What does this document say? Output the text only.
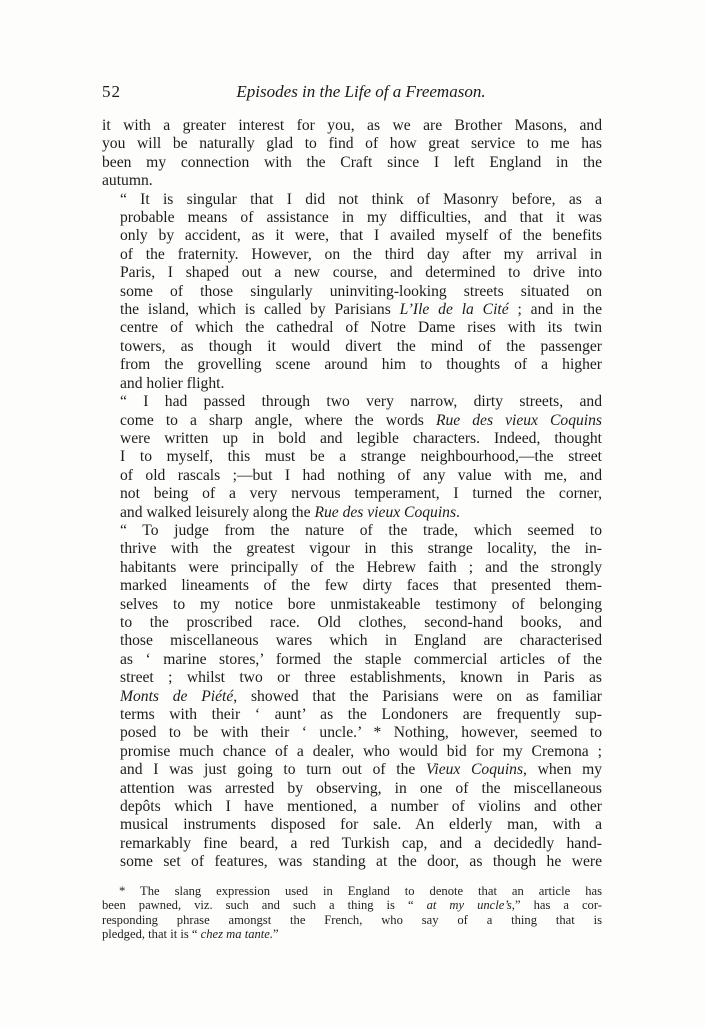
52	Episodes in the Life of a Freemason.
it with a greater interest for you, as we are Brother Masons, and
you will be naturally glad to find of how great service to me has
been my connection with the Craft since I left England in the
autumn.
“ It is singular that I did not think of Masonry before, as a
probable means of assistance in my difficulties, and that it was
only by accident, as it were, that I availed myself of the benefits
of the fraternity. However, on the third day after my arrival in
Paris, I shaped out a new course, and determined to drive into
some of those singularly uninviting-looking streets situated on
the island, which is called by Parisians L’Ile de la Cité ; and in the
centre of which the cathedral of Notre Dame rises with its twin
towers, as though it would divert the mind of the passenger
from the grovelling scene around him to thoughts of a higher
and holier flight.
“ I had passed through two very narrow, dirty streets, and
come to a sharp angle, where the words Rue des vieux Coquins
were written up in bold and legible characters. Indeed, thought
I to myself, this must be a strange neighbourhood,—the street
of old rascals ;—but I had nothing of any value with me, and
not being of a very nervous temperament, I turned the corner,
and walked leisurely along the Rue des vieux Coquins.
“ To judge from the nature of the trade, which seemed to
thrive with the greatest vigour in this strange locality, the in-
habitants were principally of the Hebrew faith ; and the strongly
marked lineaments of the few dirty faces that presented them-
selves to my notice bore unmistakeable testimony of belonging
to the proscribed race. Old clothes, second-hand books, and
those miscellaneous wares which in England are characterised
as ‘ marine stores,’ formed the staple commercial articles of the
street ; whilst two or three establishments, known in Paris as
Monts de Piété, showed that the Parisians were on as familiar
terms with their ‘ aunt’ as the Londoners are frequently sup-
posed to be with their ‘ uncle.’ * Nothing, however, seemed to
promise much chance of a dealer, who would bid for my Cremona ;
and I was just going to turn out of the Vieux Coquins, when my
attention was arrested by observing, in one of the miscellaneous
depôts which I have mentioned, a number of violins and other
musical instruments disposed for sale. An elderly man, with a
remarkably fine beard, a red Turkish cap, and a decidedly hand-
some set of features, was standing at the door, as though he were
* The slang expression used in England to denote that an article has
been pawned, viz. such and such a thing is “ at my uncle’s,” has a cor-
responding phrase amongst the French, who say of a thing that is
pledged, that it is “ chez ma tante.”
